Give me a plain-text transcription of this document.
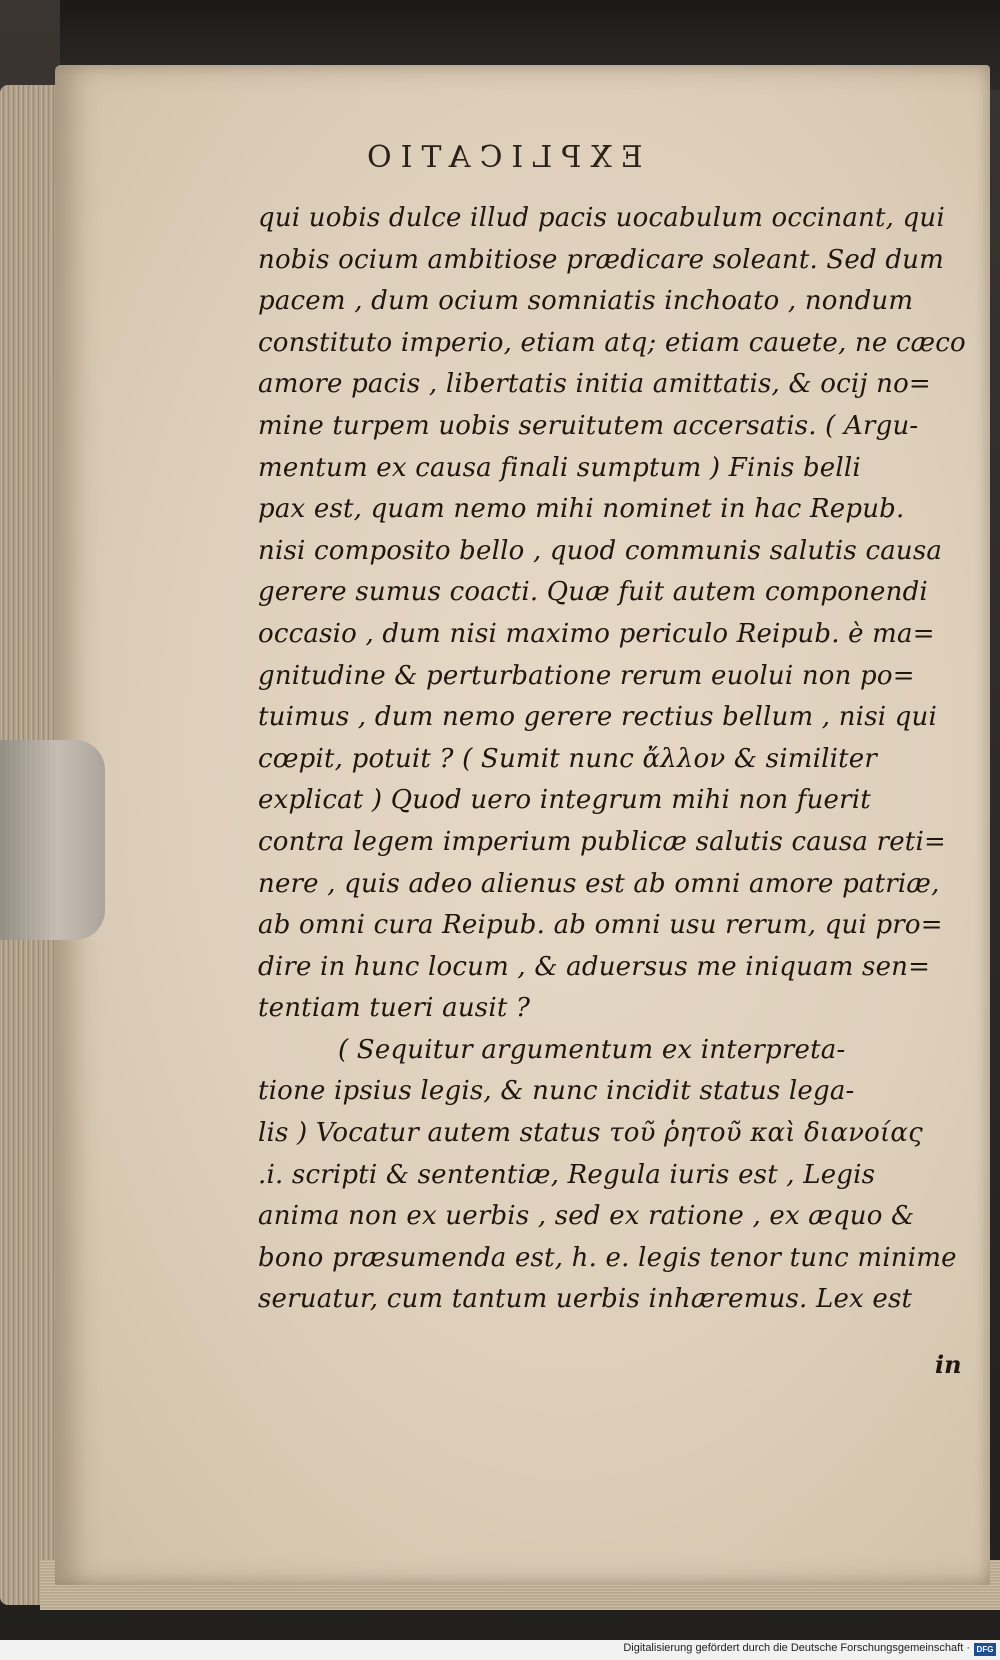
EXPLICATIO
qui uobis dulce illud pacis uocabulum occinant, qui
nobis ocium ambitiose prædicare soleant. Sed dum
pacem , dum ocium somniatis inchoato , nondum
constituto imperio, etiam atq; etiam cauete, ne cæco
amore pacis , libertatis initia amittatis, & ocij no=
mine turpem uobis seruitutem accersatis. ( Argu-
mentum ex causa finali sumptum ) Finis belli
pax est, quam nemo mihi nominet in hac Repub.
nisi composito bello , quod communis salutis causa
gerere sumus coacti. Quæ fuit autem componendi
occasio , dum nisi maximo periculo Reipub. è ma=
gnitudine & perturbatione rerum euolui non po=
tuimus , dum nemo gerere rectius bellum , nisi qui
cœpit, potuit ? ( Sumit nunc ἄλλον & similiter
explicat ) Quod uero integrum mihi non fuerit
contra legem imperium publicæ salutis causa reti=
nere , quis adeo alienus est ab omni amore patriæ,
ab omni cura Reipub. ab omni usu rerum, qui pro=
dire in hunc locum , & aduersus me iniquam sen=
tentiam tueri ausit ?
( Sequitur argumentum ex interpreta-
tione ipsius legis, & nunc incidit status lega-
lis ) Vocatur autem status τοῦ ῥητοῦ καὶ διανοίας
.i. scripti & sententiæ, Regula iuris est , Legis
anima non ex uerbis , sed ex ratione , ex æquo &
bono præsumenda est, h. e. legis tenor tunc minime
seruatur, cum tantum uerbis inhæremus. Lex est
in
Digitalisierung gefördert durch die Deutsche Forschungsgemeinschaft · DFG
